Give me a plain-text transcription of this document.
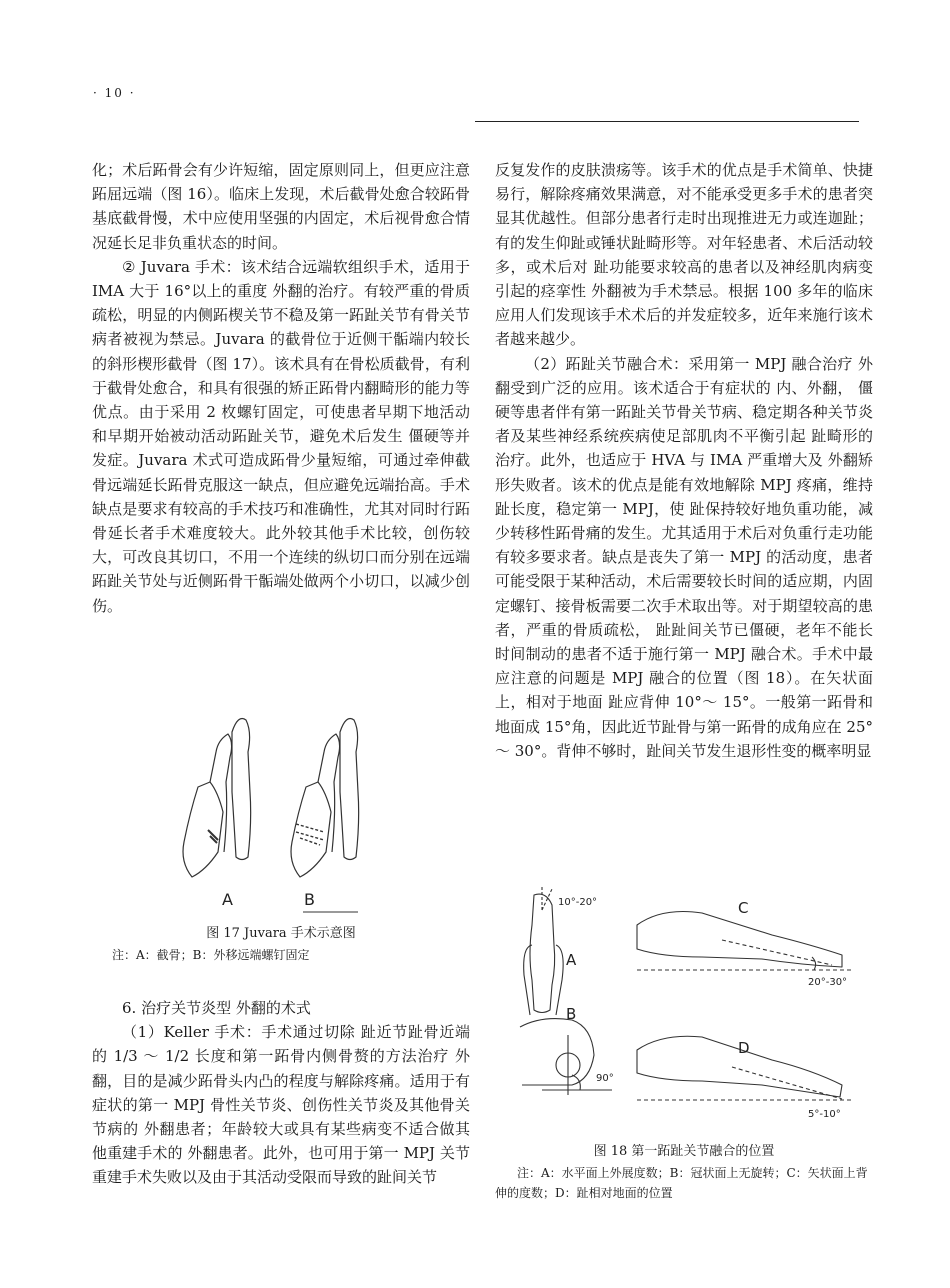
· 10 ·

化；术后跖骨会有少许短缩，固定原则同上，但更应注意跖屈远端（图 16）。临床上发现，术后截骨处愈合较跖骨基底截骨慢，术中应使用坚强的内固定，术后视骨愈合情况延长足非负重状态的时间。

② Juvara 手术：该术结合远端软组织手术，适用于 IMA 大于 16°以上的重度 外翻的治疗。有较严重的骨质疏松，明显的内侧跖楔关节不稳及第一跖趾关节有骨关节病者被视为禁忌。Juvara 的截骨位于近侧干骺端内较长的斜形楔形截骨（图 17）。该术具有在骨松质截骨，有利于截骨处愈合，和具有很强的矫正跖骨内翻畸形的能力等优点。由于采用 2 枚螺钉固定，可使患者早期下地活动和早期开始被动活动跖趾关节，避免术后发生 僵硬等并发症。Juvara 术式可造成跖骨少量短缩，可通过牵伸截骨远端延长跖骨克服这一缺点，但应避免远端抬高。手术缺点是要求有较高的手术技巧和准确性，尤其对同时行跖骨延长者手术难度较大。此外较其他手术比较，创伤较大，可改良其切口，不用一个连续的纵切口而分别在远端跖趾关节处与近侧跖骨干骺端处做两个小切口，以减少创伤。

A	B
图 17 Juvara 手术示意图
注：A：截骨；B：外移远端螺钉固定

6. 治疗关节炎型 外翻的术式

（1）Keller 手术：手术通过切除 趾近节趾骨近端的 1/3 ～ 1/2 长度和第一跖骨内侧骨赘的方法治疗 外翻，目的是减少跖骨头内凸的程度与解除疼痛。适用于有症状的第一 MPJ 骨性关节炎、创伤性关节炎及其他骨关节病的 外翻患者；年龄较大或具有某些病变不适合做其他重建手术的 外翻患者。此外，也可用于第一 MPJ 关节重建手术失败以及由于其活动受限而导致的趾间关节

反复发作的皮肤溃疡等。该手术的优点是手术简单、快捷易行，解除疼痛效果满意，对不能承受更多手术的患者突显其优越性。但部分患者行走时出现推进无力或连迦趾；有的发生仰趾或锤状趾畸形等。对年轻患者、术后活动较多，或术后对 趾功能要求较高的患者以及神经肌肉病变引起的痉挛性 外翻被为手术禁忌。根据 100 多年的临床应用人们发现该手术术后的并发症较多，近年来施行该术者越来越少。

（2）跖趾关节融合术：采用第一 MPJ 融合治疗 外翻受到广泛的应用。该术适合于有症状的 内、外翻， 僵硬等患者伴有第一跖趾关节骨关节病、稳定期各种关节炎者及某些神经系统疾病使足部肌肉不平衡引起 趾畸形的治疗。此外，也适应于 HVA 与 IMA 严重增大及 外翻矫形失败者。该术的优点是能有效地解除 MPJ 疼痛，维持 趾长度，稳定第一 MPJ，使 趾保持较好地负重功能，减少转移性跖骨痛的发生。尤其适用于术后对负重行走功能有较多要求者。缺点是丧失了第一 MPJ 的活动度，患者可能受限于某种活动，术后需要较长时间的适应期，内固定螺钉、接骨板需要二次手术取出等。对于期望较高的患者，严重的骨质疏松， 趾趾间关节已僵硬，老年不能长时间制动的患者不适于施行第一 MPJ 融合术。手术中最应注意的问题是 MPJ 融合的位置（图 18）。在矢状面上，相对于地面 趾应背伸 10°～ 15°。一般第一跖骨和地面成 15°角，因此近节趾骨与第一跖骨的成角应在 25°～ 30°。背伸不够时，趾间关节发生退形性变的概率明显

10°-20°
A
B
90°
C
20°-30°
D
5°-10°
图 18 第一跖趾关节融合的位置
注：A：水平面上外展度数；B：冠状面上无旋转；C：矢状面上背伸的度数；D：趾相对地面的位置
